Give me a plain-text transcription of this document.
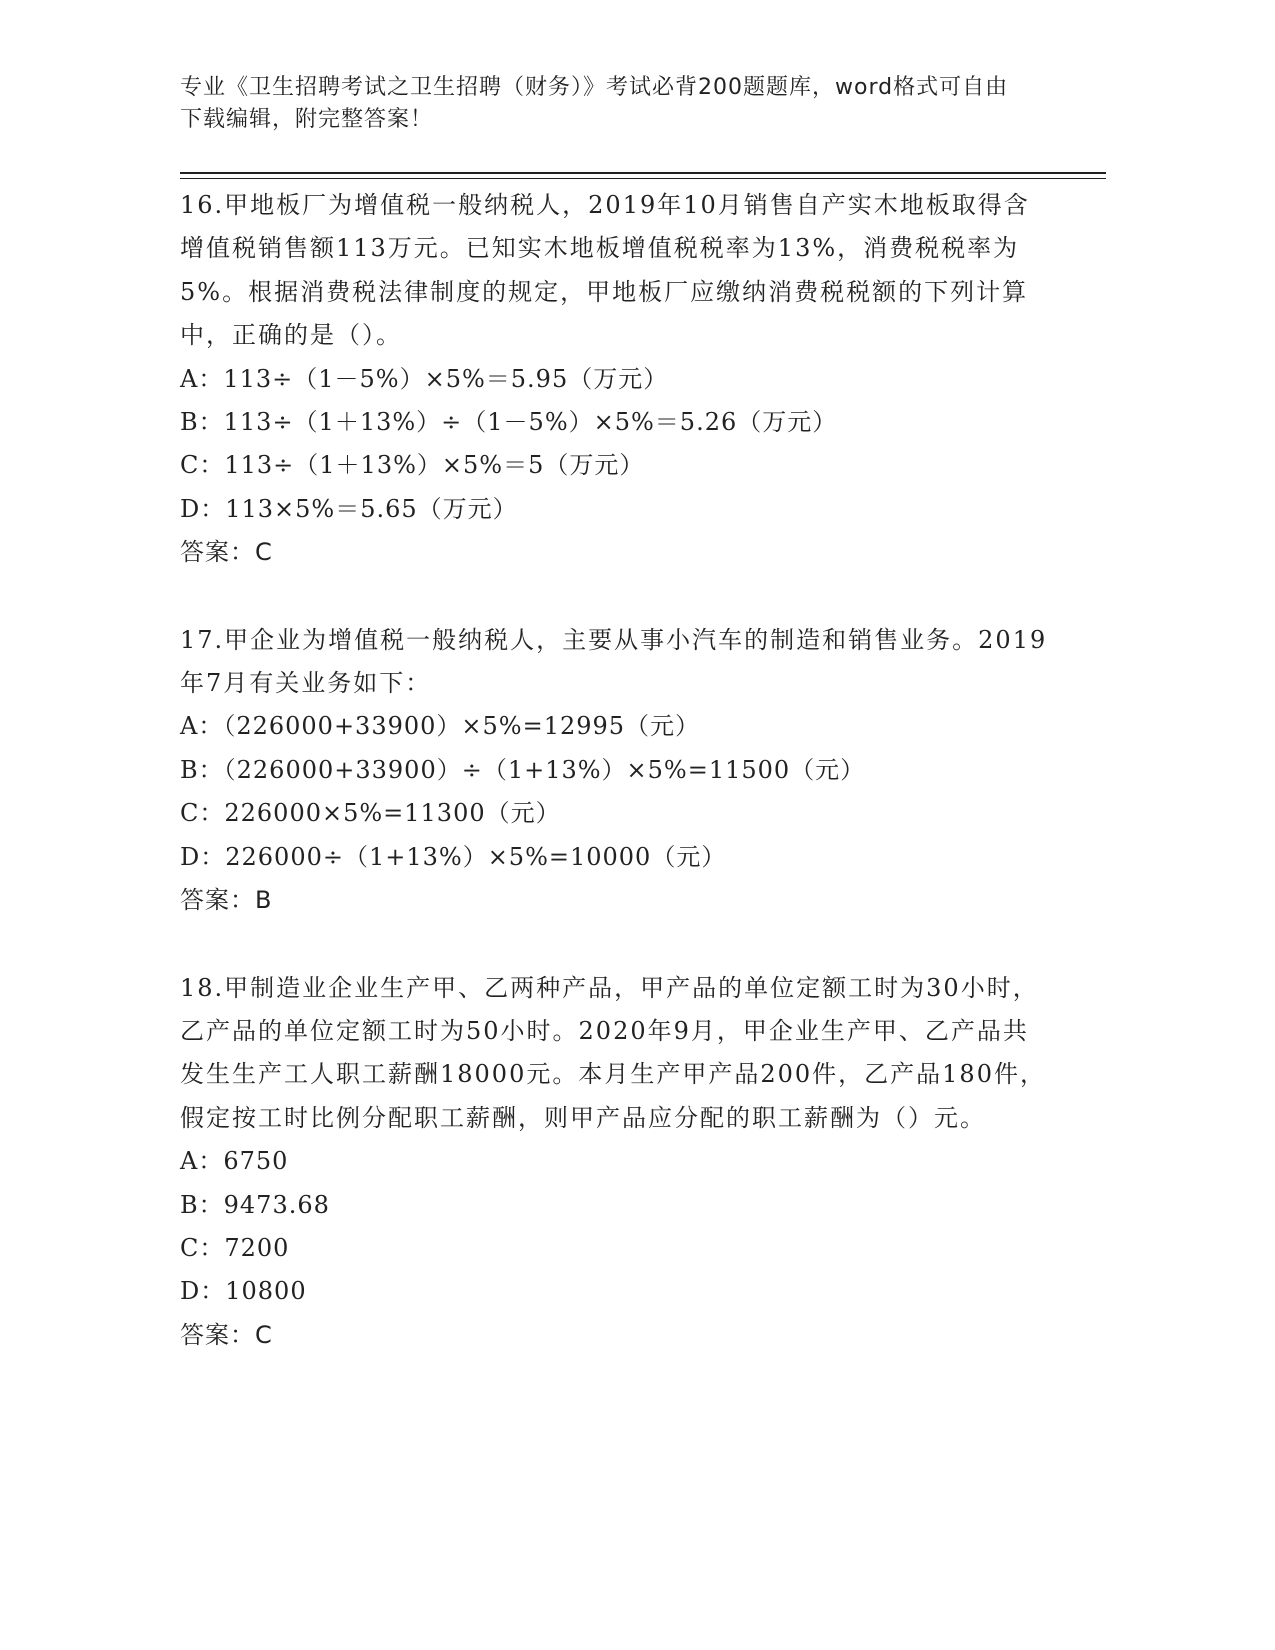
专业《卫生招聘考试之卫生招聘（财务）》考试必背200题题库，word格式可自由下载编辑，附完整答案！

16.甲地板厂为增值税一般纳税人，2019年10月销售自产实木地板取得含增值税销售额113万元。已知实木地板增值税税率为13%，消费税税率为5%。根据消费税法律制度的规定，甲地板厂应缴纳消费税税额的下列计算中，正确的是（）。

A：113÷（1－5%）×5%＝5.95（万元）
B：113÷（1＋13%）÷（1－5%）×5%＝5.26（万元）
C：113÷（1＋13%）×5%＝5（万元）
D：113×5%＝5.65（万元）
答案：C

17.甲企业为增值税一般纳税人，主要从事小汽车的制造和销售业务。2019年7月有关业务如下：

A：（226000+33900）×5%=12995（元）
B：（226000+33900）÷（1+13%）×5%=11500（元）
C：226000×5%=11300（元）
D：226000÷（1+13%）×5%=10000（元）
答案：B

18.甲制造业企业生产甲、乙两种产品，甲产品的单位定额工时为30小时，乙产品的单位定额工时为50小时。2020年9月，甲企业生产甲、乙产品共发生生产工人职工薪酬18000元。本月生产甲产品200件，乙产品180件，假定按工时比例分配职工薪酬，则甲产品应分配的职工薪酬为（）元。

A：6750
B：9473.68
C：7200
D：10800
答案：C
